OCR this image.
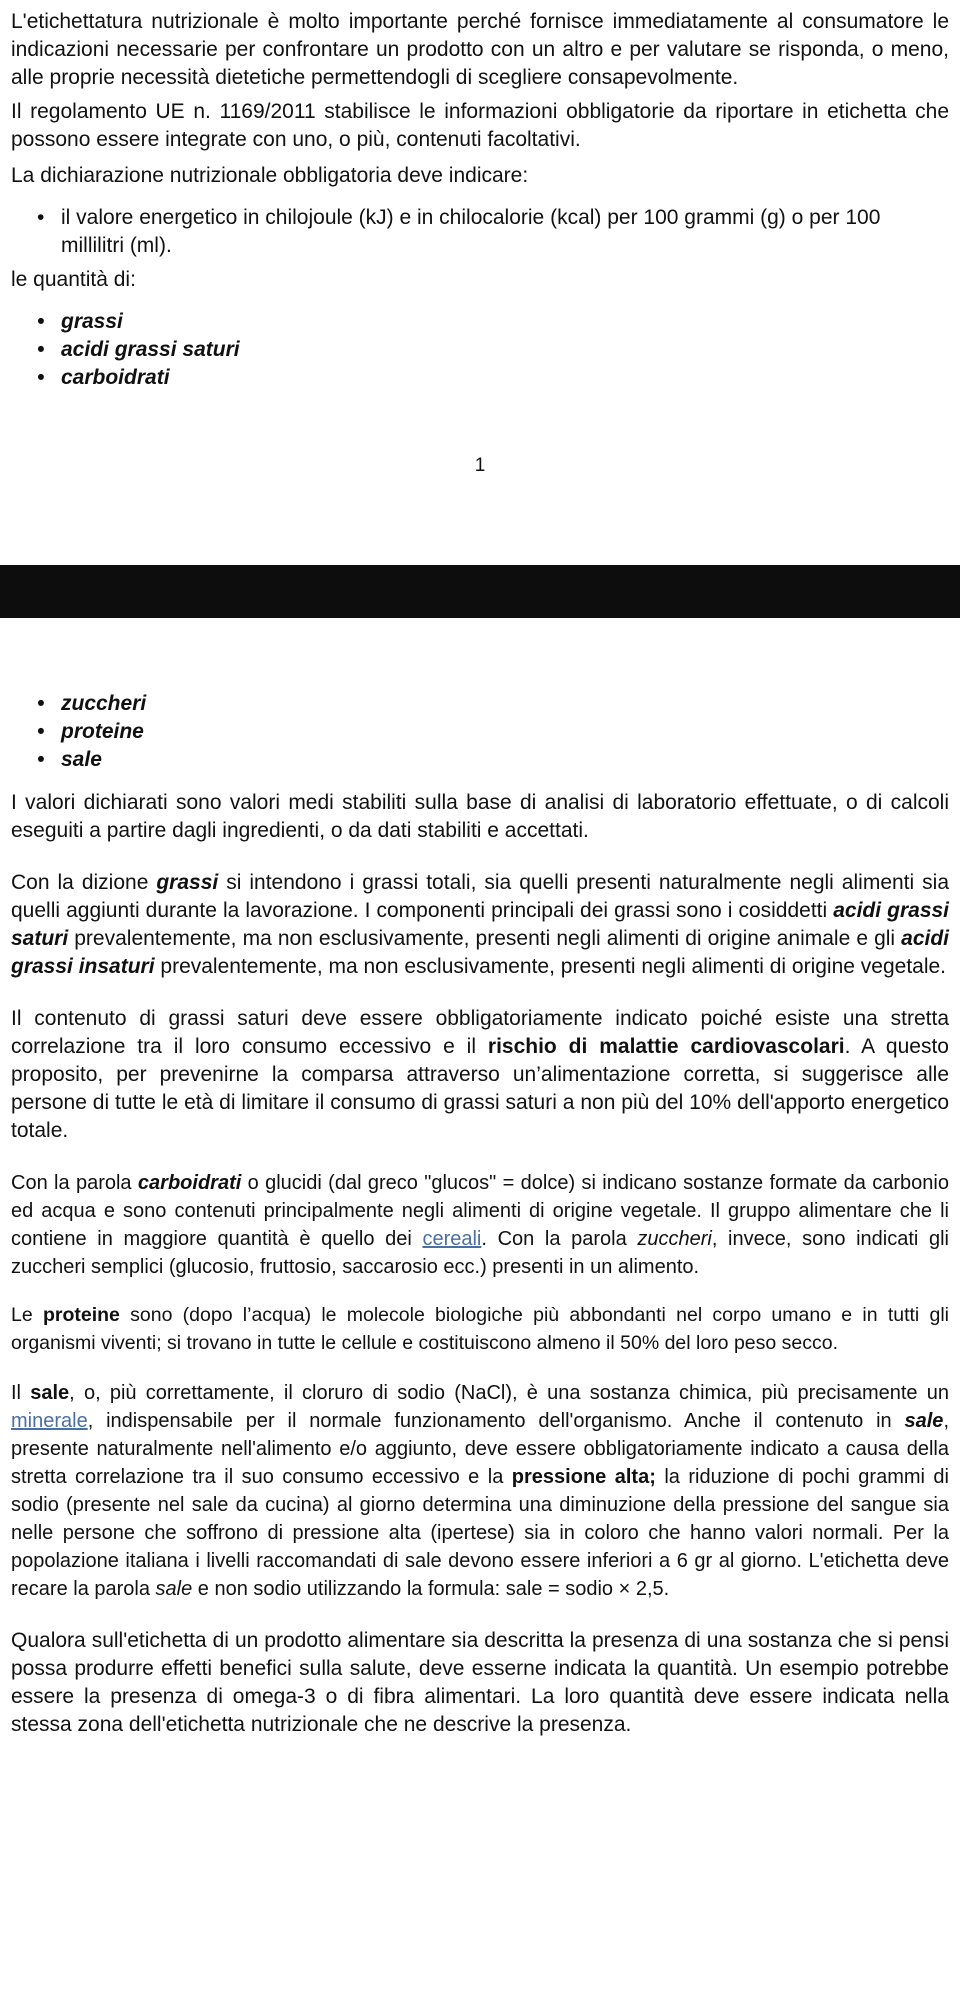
L'etichettatura nutrizionale è molto importante perché fornisce immediatamente al consumatore le indicazioni necessarie per confrontare un prodotto con un altro e per valutare se risponda, o meno, alle proprie necessità dietetiche permettendogli di scegliere consapevolmente.

Il regolamento UE n. 1169/2011 stabilisce le informazioni obbligatorie da riportare in etichetta che possono essere integrate con uno, o più, contenuti facoltativi.

La dichiarazione nutrizionale obbligatoria deve indicare:

• il valore energetico in chilojoule (kJ) e in chilocalorie (kcal) per 100 grammi (g) o per 100 millilitri (ml).

le quantità di:

• grassi
• acidi grassi saturi
• carboidrati
1
• zuccheri
• proteine
• sale

I valori dichiarati sono valori medi stabiliti sulla base di analisi di laboratorio effettuate, o di calcoli eseguiti a partire dagli ingredienti, o da dati stabiliti e accettati.

Con la dizione grassi si intendono i grassi totali, sia quelli presenti naturalmente negli alimenti sia quelli aggiunti durante la lavorazione. I componenti principali dei grassi sono i cosiddetti acidi grassi saturi prevalentemente, ma non esclusivamente, presenti negli alimenti di origine animale e gli acidi grassi insaturi prevalentemente, ma non esclusivamente, presenti negli alimenti di origine vegetale.

Il contenuto di grassi saturi deve essere obbligatoriamente indicato poiché esiste una stretta correlazione tra il loro consumo eccessivo e il rischio di malattie cardiovascolari. A questo proposito, per prevenirne la comparsa attraverso un’alimentazione corretta, si suggerisce alle persone di tutte le età di limitare il consumo di grassi saturi a non più del 10% dell'apporto energetico totale.

Con la parola carboidrati o glucidi (dal greco "glucos" = dolce) si indicano sostanze formate da carbonio ed acqua e sono contenuti principalmente negli alimenti di origine vegetale. Il gruppo alimentare che li contiene in maggiore quantità è quello dei cereali. Con la parola zuccheri, invece, sono indicati gli zuccheri semplici (glucosio, fruttosio, saccarosio ecc.) presenti in un alimento.

Le proteine sono (dopo l’acqua) le molecole biologiche più abbondanti nel corpo umano e in tutti gli organismi viventi; si trovano in tutte le cellule e costituiscono almeno il 50% del loro peso secco.

Il sale, o, più correttamente, il cloruro di sodio (NaCl), è una sostanza chimica, più precisamente un minerale, indispensabile per il normale funzionamento dell'organismo. Anche il contenuto in sale, presente naturalmente nell'alimento e/o aggiunto, deve essere obbligatoriamente indicato a causa della stretta correlazione tra il suo consumo eccessivo e la pressione alta; la riduzione di pochi grammi di sodio (presente nel sale da cucina) al giorno determina una diminuzione della pressione del sangue sia nelle persone che soffrono di pressione alta (ipertese) sia in coloro che hanno valori normali. Per la popolazione italiana i livelli raccomandati di sale devono essere inferiori a 6 gr al giorno. L'etichetta deve recare la parola sale e non sodio utilizzando la formula: sale = sodio × 2,5.

Qualora sull'etichetta di un prodotto alimentare sia descritta la presenza di una sostanza che si pensi possa produrre effetti benefici sulla salute, deve esserne indicata la quantità. Un esempio potrebbe essere la presenza di omega-3 o di fibra alimentari. La loro quantità deve essere indicata nella stessa zona dell'etichetta nutrizionale che ne descrive la presenza.
